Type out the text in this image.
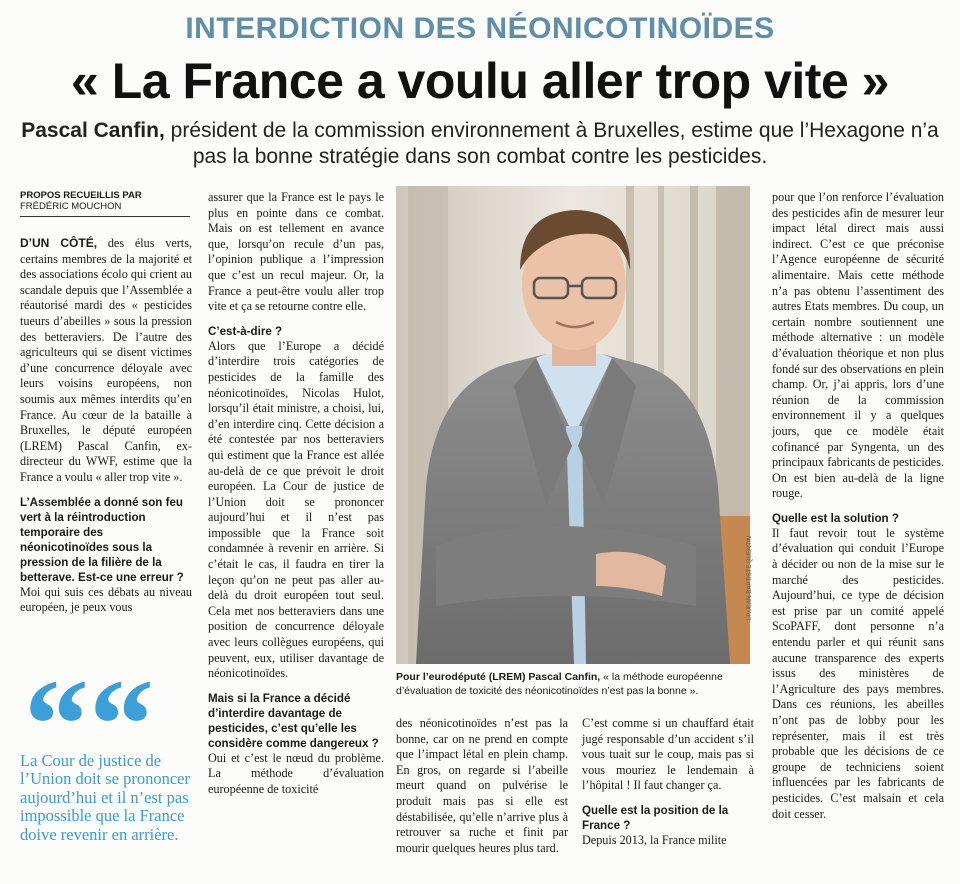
INTERDICTION DES NÉONICOTINOÏDES
« La France a voulu aller trop vite »
Pascal Canfin, président de la commission environnement à Bruxelles, estime que l’Hexagone n’a pas la bonne stratégie dans son combat contre les pesticides.
PROPOS RECUEILLIS PAR
FRÉDÉRIC MOUCHON

D’UN CÔTÉ, des élus verts, certains membres de la majorité et des associations écolo qui crient au scandale depuis que l’Assemblée a réautorisé mardi des « pesticides tueurs d’abeilles » sous la pression des betteraviers. De l’autre des agriculteurs qui se disent victimes d’une concurrence déloyale avec leurs voisins européens, non soumis aux mêmes interdits qu’en France. Au cœur de la bataille à Bruxelles, le député européen (LREM) Pascal Canfin, ex-directeur du WWF, estime que la France a voulu « aller trop vite ».

L’Assemblée a donné son feu vert à la réintroduction temporaire des néonicotinoïdes sous la pression de la filière de la betterave. Est-ce une erreur ?

Moi qui suis ces débats au niveau européen, je peux vous

La Cour de justice de l’Union doit se prononcer aujourd’hui et il n’est pas impossible que la France doive revenir en arrière.

assurer que la France est le pays le plus en pointe dans ce combat. Mais on est tellement en avance que, lorsqu’on recule d’un pas, l’opinion publique a l’impression que c’est un recul majeur. Or, la France a peut-être voulu aller trop vite et ça se retourne contre elle.

C’est-à-dire ?

Alors que l’Europe a décidé d’interdire trois catégories de pesticides de la famille des néonicotinoïdes, Nicolas Hulot, lorsqu’il était ministre, a choisi, lui, d’en interdire cinq. Cette décision a été contestée par nos betteraviers qui estiment que la France est allée au-delà de ce que prévoit le droit européen. La Cour de justice de l’Union doit se prononcer aujourd’hui et il n’est pas impossible que la France soit condamnée à revenir en arrière. Si c’était le cas, il faudra en tirer la leçon qu’on ne peut pas aller au-delà du droit européen tout seul. Cela met nos betteraviers dans une position de concurrence déloyale avec leurs collègues européens, qui peuvent, eux, utiliser davantage de néonicotinoïdes.

Mais si la France a décidé d’interdire davantage de pesticides, c’est qu’elle les considère comme dangereux ?

Oui et c’est le nœud du problème. La méthode d’évaluation européenne de toxicité

LP/JEAN-BAPTISTE QUENTIN
Pour l’eurodéputé (LREM) Pascal Canfin, « la méthode européenne d’évaluation de toxicité des néonicotinoïdes n’est pas la bonne ».

des néonicotinoïdes n’est pas la bonne, car on ne prend en compte que l’impact létal en plein champ. En gros, on regarde si l’abeille meurt quand on pulvérise le produit mais pas si elle est déstabilisée, qu’elle n’arrive plus à retrouver sa ruche et finit par mourir quelques heures plus tard.

C’est comme si un chauffard était jugé responsable d’un accident s’il vous tuait sur le coup, mais pas si vous mouriez le lendemain à l’hôpital ! Il faut changer ça.

Quelle est la position de la France ?

Depuis 2013, la France milite

pour que l’on renforce l’évaluation des pesticides afin de mesurer leur impact létal direct mais aussi indirect. C’est ce que préconise l’Agence européenne de sécurité alimentaire. Mais cette méthode n’a pas obtenu l’assentiment des autres Etats membres. Du coup, un certain nombre soutiennent une méthode alternative : un modèle d’évaluation théorique et non plus fondé sur des observations en plein champ. Or, j’ai appris, lors d’une réunion de la commission environnement il y a quelques jours, que ce modèle était cofinancé par Syngenta, un des principaux fabricants de pesticides. On est bien au-delà de la ligne rouge.

Quelle est la solution ?

Il faut revoir tout le système d’évaluation qui conduit l’Europe à décider ou non de la mise sur le marché des pesticides. Aujourd’hui, ce type de décision est prise par un comité appelé ScoPAFF, dont personne n’a entendu parler et qui réunit sans aucune transparence des experts issus des ministères de l’Agriculture des pays membres. Dans ces réunions, les abeilles n’ont pas de lobby pour les représenter, mais il est très probable que les décisions de ce groupe de techniciens soient influencées par les fabricants de pesticides. C’est malsain et cela doit cesser.
